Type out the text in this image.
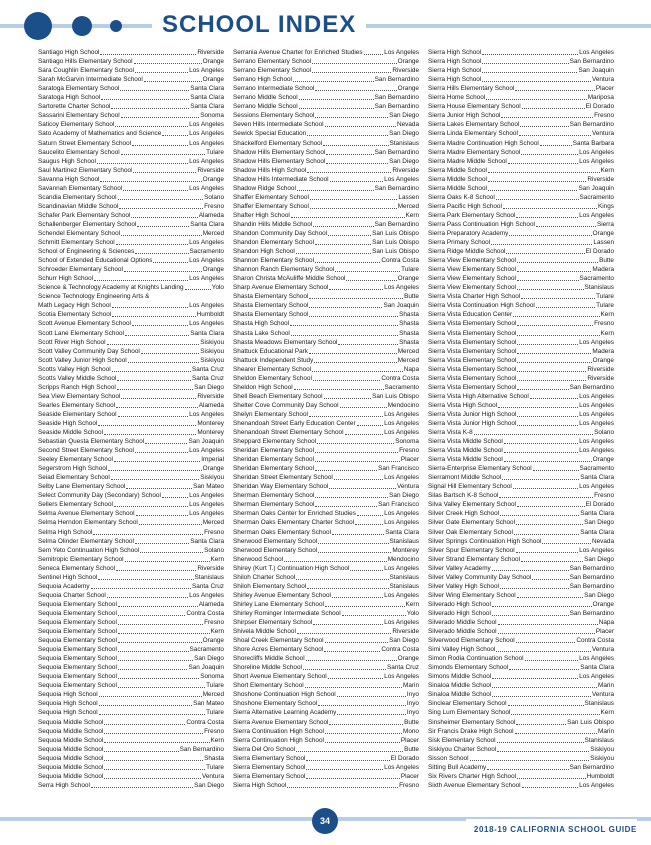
SCHOOL INDEX
Santiago High School	Riverside
Santiago Hills Elementary School	Orange
Sara Coughlin Elementary School	Los Angeles
Sarah McGarvin Intermediate School	Orange
Saratoga Elementary School	Santa Clara
Saratoga High School	Santa Clara
Sartorette Charter School	Santa Clara
Sassarini Elementary School	Sonoma
Saticoy Elementary School	Los Angeles
Sato Academy of Mathematics and Science	Los Angeles
Saturn Street Elementary School	Los Angeles
Saucelito Elementary School	Tulare
Saugus High School	Los Angeles
Saul Martinez Elementary School	Riverside
Savanna High School	Orange
Savannah Elementary School	Los Angeles
Scandia Elementary School	Solano
Scandinavian Middle School	Fresno
Schafer Park Elementary School	Alameda
Schallenberger Elementary School	Santa Clara
Schendel Elementary School	Merced
Schmitt Elementary School	Los Angeles
School of Engineering & Sciences	Sacramento
School of Extended Educational Options	Los Angeles
Schroeder Elementary School	Orange
Schurr High School	Los Angeles
Science & Technology Academy at Knights Landing	Yolo
Science Technology Engineering Arts &
Math Legacy High School	Los Angeles
Scotia Elementary School	Humboldt
Scott Avenue Elementary School	Los Angeles
Scott Lane Elementary School	Santa Clara
Scott River High School	Siskiyou
Scott Valley Community Day School	Siskiyou
Scott Valley Junior High School	Siskiyou
Scotts Valley High School	Santa Cruz
Scotts Valley Middle School	Santa Cruz
Scripps Ranch High School	San Diego
Sea View Elementary School	Riverside
Searles Elementary School	Alameda
Seaside Elementary School	Los Angeles
Seaside High School	Monterey
Seaside Middle School	Monterey
Sebastian Questa Elementary School	San Joaquin
Second Street Elementary School	Los Angeles
Seeley Elementary School	Imperial
Segerstrom High School	Orange
Seiad Elementary School	Siskiyou
Selby Lane Elementary School	San Mateo
Select Community Day (Secondary) School	Los Angeles
Sellers Elementary School	Los Angeles
Selma Avenue Elementary School	Los Angeles
Selma Herndon Elementary School	Merced
Selma High School	Fresno
Selma Olinder Elementary School	Santa Clara
Sem Yeto Continuation High School	Solano
Semitropic Elementary School	Kern
Seneca Elementary School	Riverside
Sentinel High School	Stanislaus
Sequoia Academy	Santa Cruz
Sequoia Charter School	Los Angeles
Sequoia Elementary School	Alameda
Sequoia Elementary School	Contra Costa
Sequoia Elementary School	Fresno
Sequoia Elementary School	Kern
Sequoia Elementary School	Orange
Sequoia Elementary School	Sacramento
Sequoia Elementary School	San Diego
Sequoia Elementary School	San Joaquin
Sequoia Elementary School	Sonoma
Sequoia Elementary School	Tulare
Sequoia High School	Merced
Sequoia High School	San Mateo
Sequoia High School	Tulare
Sequoia Middle School	Contra Costa
Sequoia Middle School	Fresno
Sequoia Middle School	Kern
Sequoia Middle School	San Bernardino
Sequoia Middle School	Shasta
Sequoia Middle School	Tulare
Sequoia Middle School	Ventura
Serra High School	San Diego
Serrania Avenue Charter for Enriched Studies	Los Angeles
Serrano Elementary School	Orange
Serrano Elementary School	Riverside
Serrano High School	San Bernardino
Serrano Intermediate School	Orange
Serrano Middle School	San Bernardino
Serrano Middle School	San Bernardino
Sessions Elementary School	San Diego
Seven Hills Intermediate School	Nevada
Sewick Special Education	San Diego
Shackelford Elementary School	Stanislaus
Shadow Hills Elementary School	San Bernardino
Shadow Hills Elementary School	San Diego
Shadow Hills High School	Riverside
Shadow Hills Intermediate School	Los Angeles
Shadow Ridge School	San Bernardino
Shaffer Elementary School	Lassen
Shaffer Elementary School	Merced
Shafter High School	Kern
Shandin Hills Middle School	San Bernardino
Shandon Community Day School	San Luis Obispo
Shandon Elementary School	San Luis Obispo
Shandon High School	San Luis Obispo
Shannon Elementary School	Contra Costa
Shannon Ranch Elementary School	Tulare
Sharon Christa McAuliffe Middle School	Orange
Sharp Avenue Elementary School	Los Angeles
Shasta Elementary School	Butte
Shasta Elementary School	San Joaquin
Shasta Elementary School	Shasta
Shasta High School	Shasta
Shasta Lake School	Shasta
Shasta Meadows Elementary School	Shasta
Shattuck Educational Park	Merced
Shattuck Independent Study	Merced
Shearer Elementary School	Napa
Sheldon Elementary School	Contra Costa
Sheldon High School	Sacramento
Shell Beach Elementary School	San Luis Obispo
Shelter Cove Community Day School	Mendocino
Shelyn Elementary School	Los Angeles
Shenandoah Street Early Education Center	Los Angeles
Shenandoah Street Elementary School	Los Angeles
Sheppard Elementary School	Sonoma
Sheridan Elementary School	Fresno
Sheridan Elementary School	Placer
Sheridan Elementary School	San Francisco
Sheridan Street Elementary School	Los Angeles
Sheridan Way Elementary School	Ventura
Sherman Elementary School	San Diego
Sherman Elementary School	San Francisco
Sherman Oaks Center for Enriched Studies	Los Angeles
Sherman Oaks Elementary Charter School	Los Angeles
Sherman Oaks Elementary School	Santa Clara
Sherwood Elementary School	Stanislaus
Sherwood Elementary School	Monterey
Sherwood School	Mendocino
Shirey (Kurt T.) Continuation High School	Los Angeles
Shiloh Charter School	Stanislaus
Shiloh Elementary School	Stanislaus
Shirley Avenue Elementary School	Los Angeles
Shirley Lane Elementary School	Kern
Shirley Rominger Intermediate School	Yolo
Shirpser Elementary School	Los Angeles
Shivela Middle School	Riverside
Shoal Creek Elementary School	San Diego
Shore Acres Elementary School	Contra Costa
Shorecliffs Middle School	Orange
Shoreline Middle School	Santa Cruz
Short Avenue Elementary School	Los Angeles
Short Elementary School	Marin
Shoshone Continuation High School	Inyo
Shoshone Elementary School	Inyo
Sierra Alternative Learning Academy	Inyo
Sierra Avenue Elementary School	Butte
Sierra Continuation High School	Mono
Sierra Continuation High School	Placer
Sierra Del Oro School	Butte
Sierra Elementary School	El Dorado
Sierra Elementary School	Los Angeles
Sierra Elementary School	Placer
Sierra High School	Fresno
Sierra High School	Los Angeles
Sierra High School	San Bernardino
Sierra High School	San Joaquin
Sierra High School	Ventura
Sierra Hills Elementary School	Placer
Sierra Home School	Mariposa
Sierra House Elementary School	El Dorado
Sierra Junior High School	Fresno
Sierra Lakes Elementary School	San Bernardino
Sierra Linda Elementary School	Ventura
Sierra Madre Continuation High School	Santa Barbara
Sierra Madre Elementary School	Los Angeles
Sierra Madre Middle School	Los Angeles
Sierra Middle School	Kern
Sierra Middle School	Riverside
Sierra Middle School	San Joaquin
Sierra Oaks K-8 School	Sacramento
Sierra Pacific High School	Kings
Sierra Park Elementary School	Los Angeles
Sierra Pass Continuation High School	Sierra
Sierra Preparatory Academy	Orange
Sierra Primary School	Lassen
Sierra Ridge Middle School	El Dorado
Sierra View Elementary School	Butte
Sierra View Elementary School	Madera
Sierra View Elementary School	Sacramento
Sierra View Elementary School	Stanislaus
Sierra Vista Charter High School	Tulare
Sierra Vista Continuation High School	Tulare
Sierra Vista Education Center	Kern
Sierra Vista Elementary School	Fresno
Sierra Vista Elementary School	Kern
Sierra Vista Elementary School	Los Angeles
Sierra Vista Elementary School	Madera
Sierra Vista Elementary School	Orange
Sierra Vista Elementary School	Riverside
Sierra Vista Elementary School	Riverside
Sierra Vista Elementary School	San Bernardino
Sierra Vista High Alternative School	Los Angeles
Sierra Vista High School	Los Angeles
Sierra Vista Junior High School	Los Angeles
Sierra Vista Junior High School	Los Angeles
Sierra Vista K-8	Solano
Sierra Vista Middle School	Los Angeles
Sierra Vista Middle School	Los Angeles
Sierra Vista Middle School	Orange
Sierra-Enterprise Elementary School	Sacramento
Sierramont Middle School	Santa Clara
Signal Hill Elementary School	Los Angeles
Silas Bartsch K-8 School	Fresno
Silva Valley Elementary School	El Dorado
Silver Creek High School	Santa Clara
Silver Gate Elementary School	San Diego
Silver Oak Elementary School	Santa Clara
Silver Springs Continuation High School	Nevada
Silver Spur Elementary School	Los Angeles
Silver Strand Elementary School	San Diego
Silver Valley Academy	San Bernardino
Silver Valley Community Day School	San Bernardino
Silver Valley High School	San Bernardino
Silver Wing Elementary School	San Diego
Silverado High School	Orange
Silverado High School	San Bernardino
Silverado Middle School	Napa
Silverado Middle School	Placer
Silverwood Elementary School	Contra Costa
Simi Valley High School	Ventura
Simon Rodia Continuation School	Los Angeles
Simonds Elementary School	Santa Clara
Simons Middle School	Los Angeles
Sinaloa Middle School	Marin
Sinaloa Middle School	Ventura
Sinclear Elementary School	Stanislaus
Sing Lum Elementary School	Kern
Sinsheimer Elementary School	San Luis Obispo
Sir Francis Drake High School	Marin
Sisk Elementary School	Stanislaus
Siskiyou Charter School	Siskiyou
Sisson School	Siskiyou
Sitting Bull Academy	San Bernardino
Six Rivers Charter High School	Humboldt
Sixth Avenue Elementary School	Los Angeles
34
2018-19 CALIFORNIA SCHOOL GUIDE
